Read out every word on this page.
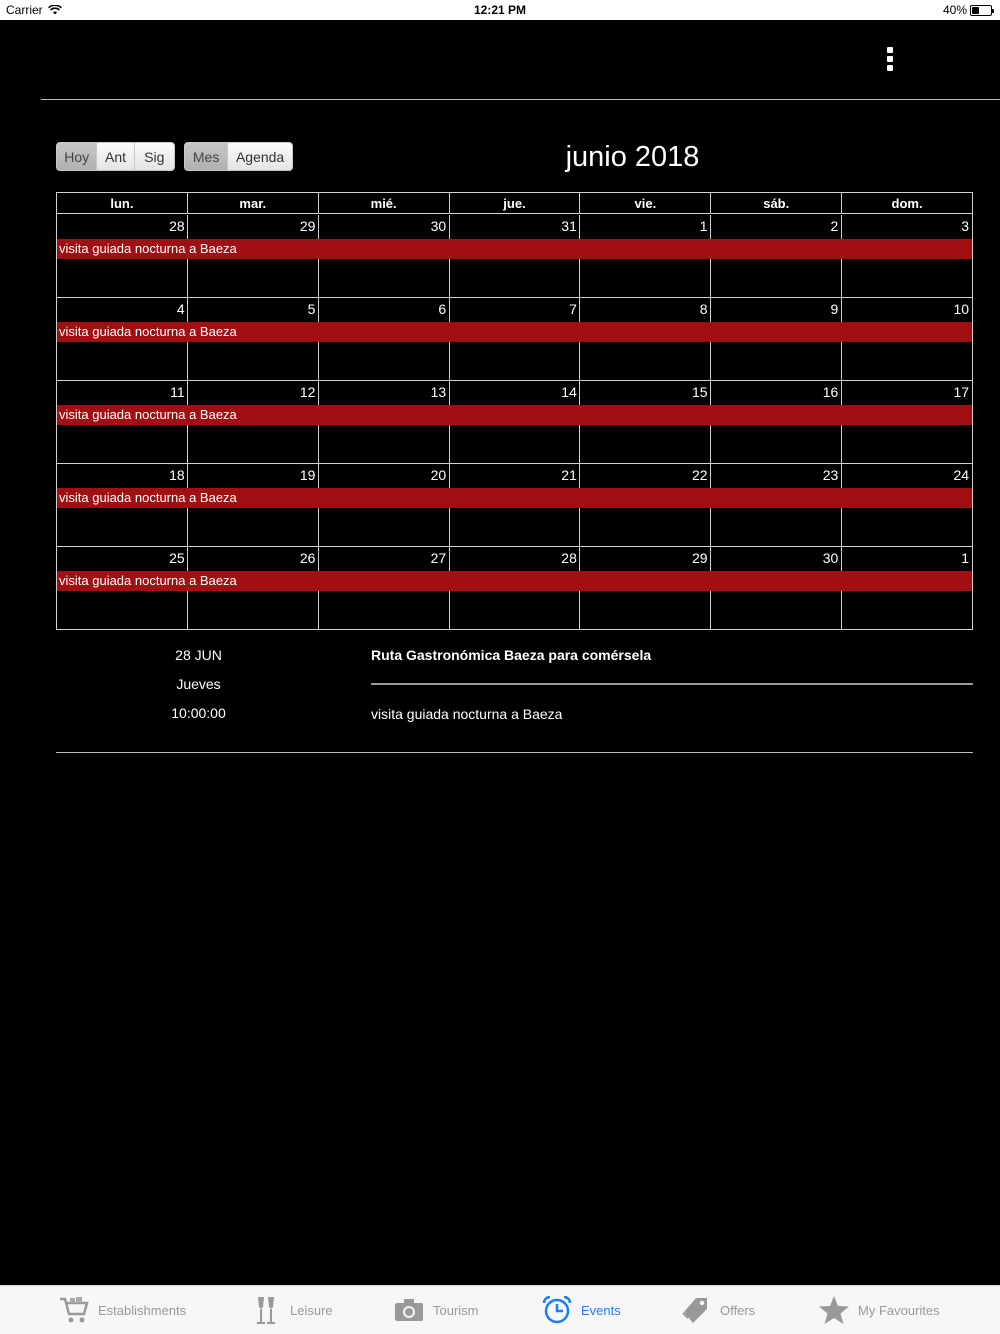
Carrier	12:21 PM	40%
Hoy	Ant	Sig	Mes	Agenda	junio 2018
lun.	mar.	mié.	jue.	vie.	sáb.	dom.
28	29	30	31	1	2	3
visita guiada nocturna a Baeza
4	5	6	7	8	9	10
visita guiada nocturna a Baeza
11	12	13	14	15	16	17
visita guiada nocturna a Baeza
18	19	20	21	22	23	24
visita guiada nocturna a Baeza
25	26	27	28	29	30	1
visita guiada nocturna a Baeza
28 JUN
Jueves
10:00:00
Ruta Gastronómica Baeza para comérsela
visita guiada nocturna a Baeza
Establishments	Leisure	Tourism	Events	Offers	My Favourites
